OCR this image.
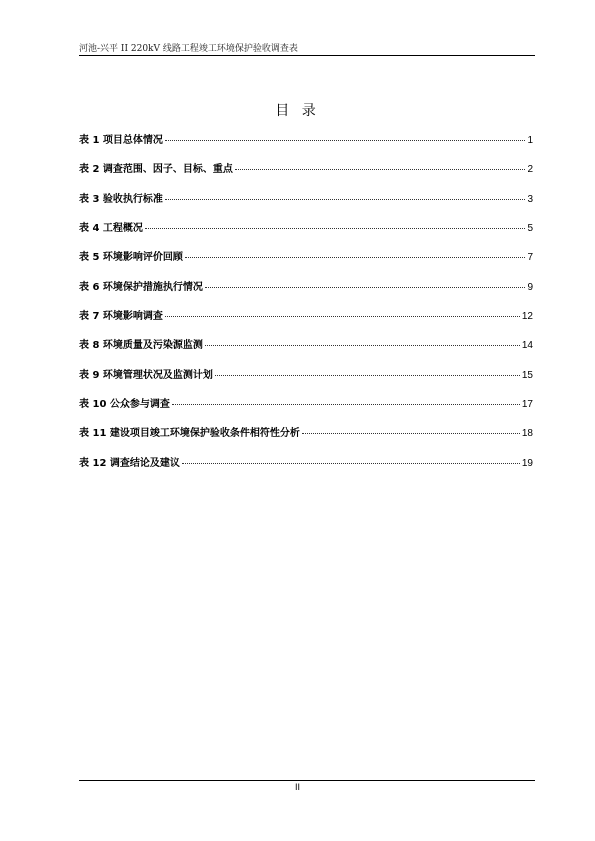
河池-兴平 II 220kV 线路工程竣工环境保护验收调查表
目 录
表 1 项目总体情况	1
表 2 调查范围、因子、目标、重点	2
表 3 验收执行标准	3
表 4 工程概况	5
表 5 环境影响评价回顾	7
表 6 环境保护措施执行情况	9
表 7 环境影响调查	12
表 8 环境质量及污染源监测	14
表 9 环境管理状况及监测计划	15
表 10 公众参与调查	17
表 11 建设项目竣工环境保护验收条件相符性分析	18
表 12 调查结论及建议	19
II
